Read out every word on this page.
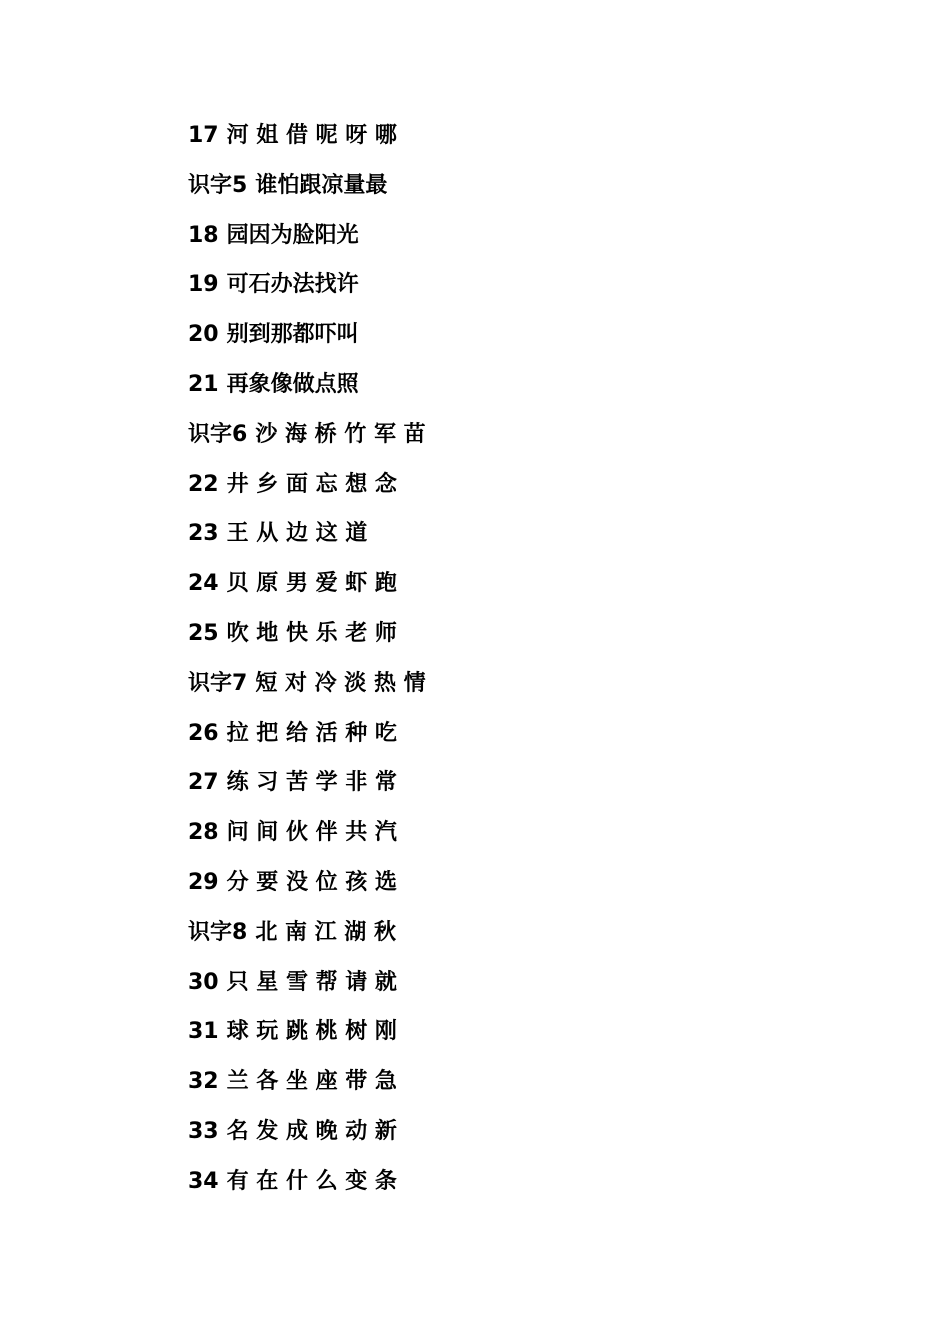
17 河 姐 借 呢 呀 哪
识字5 谁怕跟凉量最
18 园因为脸阳光
19 可石办法找许
20 别到那都吓叫
21 再象像做点照
识字6 沙 海 桥 竹 军 苗
22 井 乡 面 忘 想 念
23 王 从 边 这 道
24 贝 原 男 爱 虾 跑
25 吹 地 快 乐 老 师
识字7 短 对 冷 淡 热 情
26 拉 把 给 活 种 吃
27 练 习 苦 学 非 常
28 问 间 伙 伴 共 汽
29 分 要 没 位 孩 选
识字8 北 南 江 湖 秋
30 只 星 雪 帮 请 就
31 球 玩 跳 桃 树 刚
32 兰 各 坐 座 带 急
33 名 发 成 晚 动 新
34 有 在 什 么 变 条
